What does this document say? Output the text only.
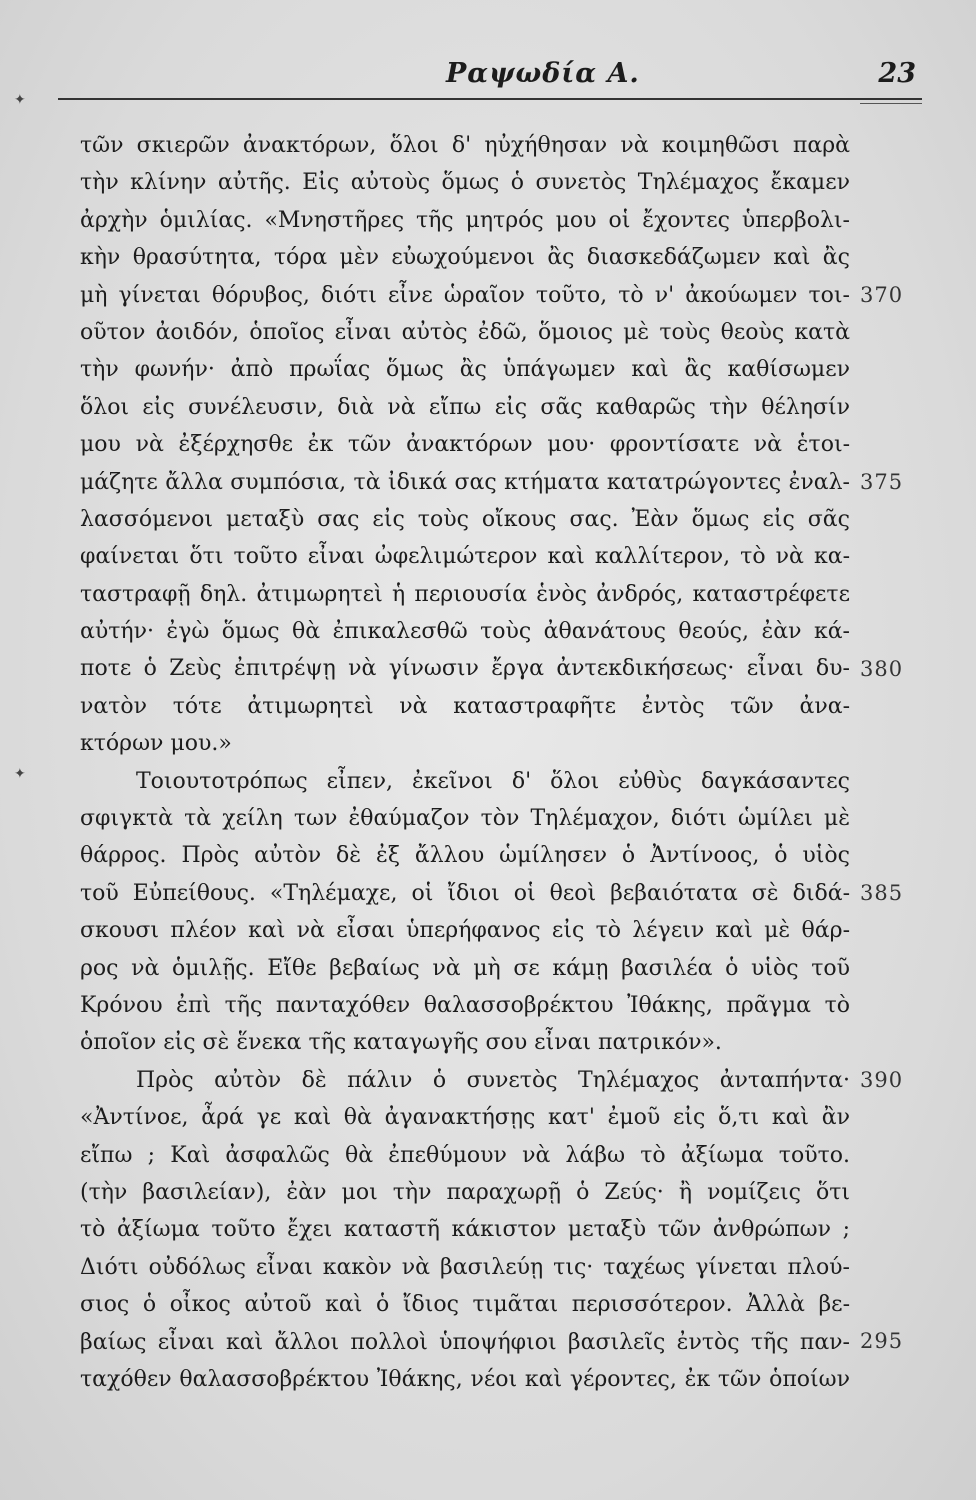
Ραψωδία Α.	23
✦
✦
τῶν σκιερῶν ἀνακτόρων, ὅλοι δ' ηὐχήθησαν νὰ κοιμηθῶσι παρὰ
τὴν κλίνην αὐτῆς. Εἰς αὐτοὺς ὅμως ὁ συνετὸς Τηλέμαχος ἔκαμεν
ἀρχὴν ὁμιλίας. «Μνηστῆρες τῆς μητρός μου οἱ ἔχοντες ὑπερβολι-
κὴν θρασύτητα, τόρα μὲν εὐωχούμενοι ἂς διασκεδάζωμεν καὶ ἂς
μὴ γίνεται θόρυβος, διότι εἶνε ὡραῖον τοῦτο, τὸ ν' ἀκούωμεν τοι-
οῦτον ἀοιδόν, ὁποῖος εἶναι αὐτὸς ἐδῶ, ὅμοιος μὲ τοὺς θεοὺς κατὰ
τὴν φωνήν· ἀπὸ πρωΐας ὅμως ἂς ὑπάγωμεν καὶ ἂς καθίσωμεν
ὅλοι εἰς συνέλευσιν, διὰ νὰ εἴπω εἰς σᾶς καθαρῶς τὴν θέλησίν
μου νὰ ἐξέρχησθε ἐκ τῶν ἀνακτόρων μου· φροντίσατε νὰ ἑτοι-
μάζητε ἄλλα συμπόσια, τὰ ἰδικά σας κτήματα κατατρώγοντες ἐναλ-
λασσόμενοι μεταξὺ σας εἰς τοὺς οἴκους σας. Ἐὰν ὅμως εἰς σᾶς
φαίνεται ὅτι τοῦτο εἶναι ὠφελιμώτερον καὶ καλλίτερον, τὸ νὰ κα-
ταστραφῇ δηλ. ἀτιμωρητεὶ ἡ περιουσία ἑνὸς ἀνδρός, καταστρέφετε
αὐτήν· ἐγὼ ὅμως θὰ ἐπικαλεσθῶ τοὺς ἀθανάτους θεούς, ἐὰν κά-
ποτε ὁ Ζεὺς ἐπιτρέψῃ νὰ γίνωσιν ἔργα ἀντεκδικήσεως· εἶναι δυ-
νατὸν τότε ἀτιμωρητεὶ νὰ καταστραφῆτε ἐντὸς τῶν ἀνα-
κτόρων μου.»
Τοιουτοτρόπως εἶπεν, ἐκεῖνοι δ' ὅλοι εὐθὺς δαγκάσαντες
σφιγκτὰ τὰ χείλη των ἐθαύμαζον τὸν Τηλέμαχον, διότι ὡμίλει μὲ
θάρρος. Πρὸς αὐτὸν δὲ ἐξ ἄλλου ὡμίλησεν ὁ Ἀντίνοος, ὁ υἱὸς
τοῦ Εὐπείθους. «Τηλέμαχε, οἱ ἴδιοι οἱ θεοὶ βεβαιότατα σὲ διδά-
σκουσι πλέον καὶ νὰ εἶσαι ὑπερήφανος εἰς τὸ λέγειν καὶ μὲ θάρ-
ρος νὰ ὁμιλῇς. Εἴθε βεβαίως νὰ μὴ σε κάμῃ βασιλέα ὁ υἱὸς τοῦ
Κρόνου ἐπὶ τῆς πανταχόθεν θαλασσοβρέκτου Ἰθάκης, πρᾶγμα τὸ
ὁποῖον εἰς σὲ ἕνεκα τῆς καταγωγῆς σου εἶναι πατρικόν».
Πρὸς αὐτὸν δὲ πάλιν ὁ συνετὸς Τηλέμαχος ἀνταπήντα·
«Ἀντίνοε, ἆρά γε καὶ θὰ ἀγανακτήσῃς κατ' ἐμοῦ εἰς ὅ,τι καὶ ἂν
εἴπω ; Καὶ ἀσφαλῶς θὰ ἐπεθύμουν νὰ λάβω τὸ ἀξίωμα τοῦτο.
(τὴν βασιλείαν), ἐὰν μοι τὴν παραχωρῇ ὁ Ζεύς· ἢ νομίζεις ὅτι
τὸ ἀξίωμα τοῦτο ἔχει καταστῆ κάκιστον μεταξὺ τῶν ἀνθρώπων ;
Διότι οὐδόλως εἶναι κακὸν νὰ βασιλεύῃ τις· ταχέως γίνεται πλού-
σιος ὁ οἶκος αὐτοῦ καὶ ὁ ἴδιος τιμᾶται περισσότερον. Ἀλλὰ βε-
βαίως εἶναι καὶ ἄλλοι πολλοὶ ὑποψήφιοι βασιλεῖς ἐντὸς τῆς παν-
ταχόθεν θαλασσοβρέκτου Ἰθάκης, νέοι καὶ γέροντες, ἐκ τῶν ὁποίων
370
375
380
385
390
295
